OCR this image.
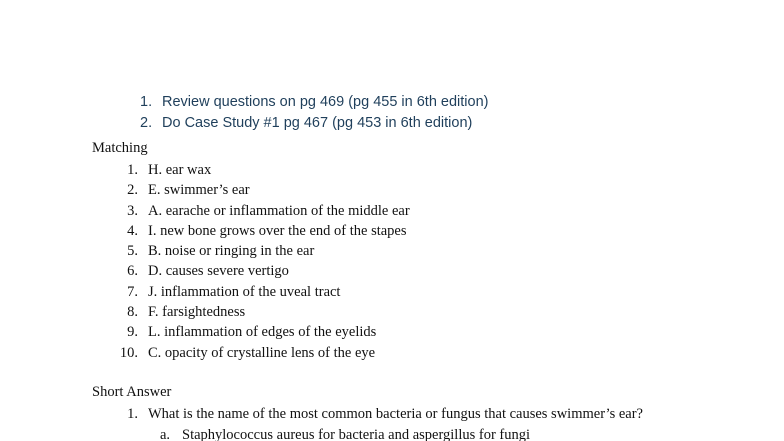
1. Review questions on pg 469 (pg 455 in 6th edition)
2. Do Case Study #1 pg 467 (pg 453 in 6th edition)
Matching
1. H. ear wax
2. E. swimmer’s ear
3. A. earache or inflammation of the middle ear
4. I. new bone grows over the end of the stapes
5. B. noise or ringing in the ear
6. D. causes severe vertigo
7. J. inflammation of the uveal tract
8. F. farsightedness
9. L. inflammation of edges of the eyelids
10. C. opacity of crystalline lens of the eye
Short Answer
1. What is the name of the most common bacteria or fungus that causes swimmer’s ear?
a. Staphylococcus aureus for bacteria and aspergillus for fungi
